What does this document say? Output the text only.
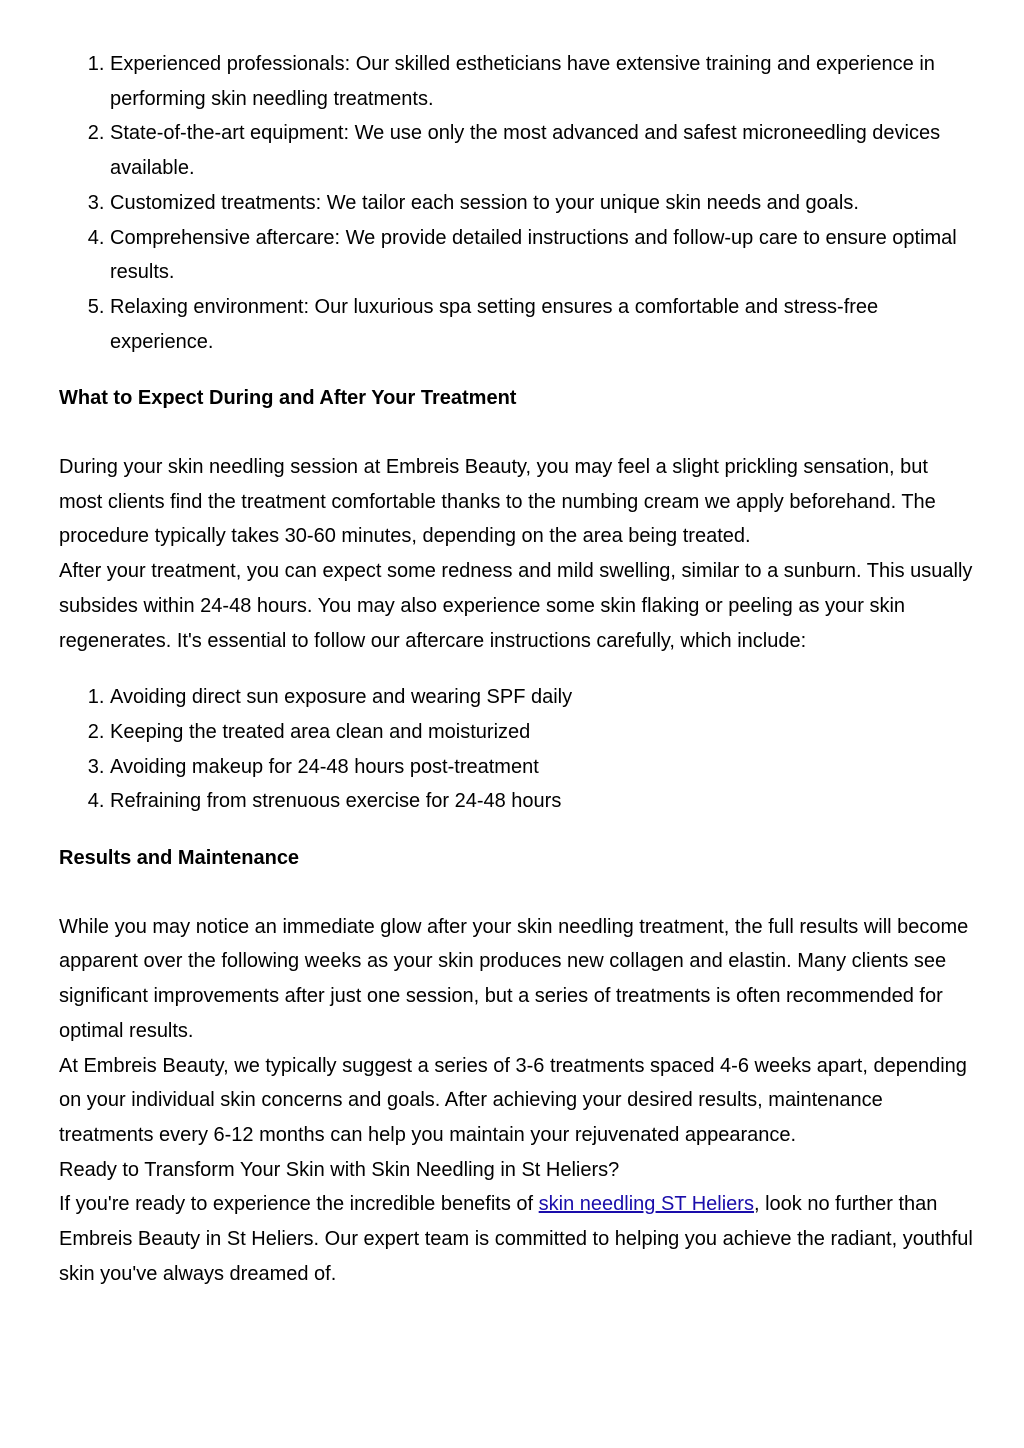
1. Experienced professionals: Our skilled estheticians have extensive training and experience in performing skin needling treatments.
2. State-of-the-art equipment: We use only the most advanced and safest microneedling devices available.
3. Customized treatments: We tailor each session to your unique skin needs and goals.
4. Comprehensive aftercare: We provide detailed instructions and follow-up care to ensure optimal results.
5. Relaxing environment: Our luxurious spa setting ensures a comfortable and stress-free experience.

What to Expect During and After Your Treatment

During your skin needling session at Embreis Beauty, you may feel a slight prickling sensation, but most clients find the treatment comfortable thanks to the numbing cream we apply beforehand. The procedure typically takes 30-60 minutes, depending on the area being treated.

After your treatment, you can expect some redness and mild swelling, similar to a sunburn. This usually subsides within 24-48 hours. You may also experience some skin flaking or peeling as your skin regenerates. It's essential to follow our aftercare instructions carefully, which include:

1. Avoiding direct sun exposure and wearing SPF daily
2. Keeping the treated area clean and moisturized
3. Avoiding makeup for 24-48 hours post-treatment
4. Refraining from strenuous exercise for 24-48 hours

Results and Maintenance

While you may notice an immediate glow after your skin needling treatment, the full results will become apparent over the following weeks as your skin produces new collagen and elastin. Many clients see significant improvements after just one session, but a series of treatments is often recommended for optimal results.

At Embreis Beauty, we typically suggest a series of 3-6 treatments spaced 4-6 weeks apart, depending on your individual skin concerns and goals. After achieving your desired results, maintenance treatments every 6-12 months can help you maintain your rejuvenated appearance.

Ready to Transform Your Skin with Skin Needling in St Heliers?

If you're ready to experience the incredible benefits of skin needling ST Heliers, look no further than Embreis Beauty in St Heliers. Our expert team is committed to helping you achieve the radiant, youthful skin you've always dreamed of.
